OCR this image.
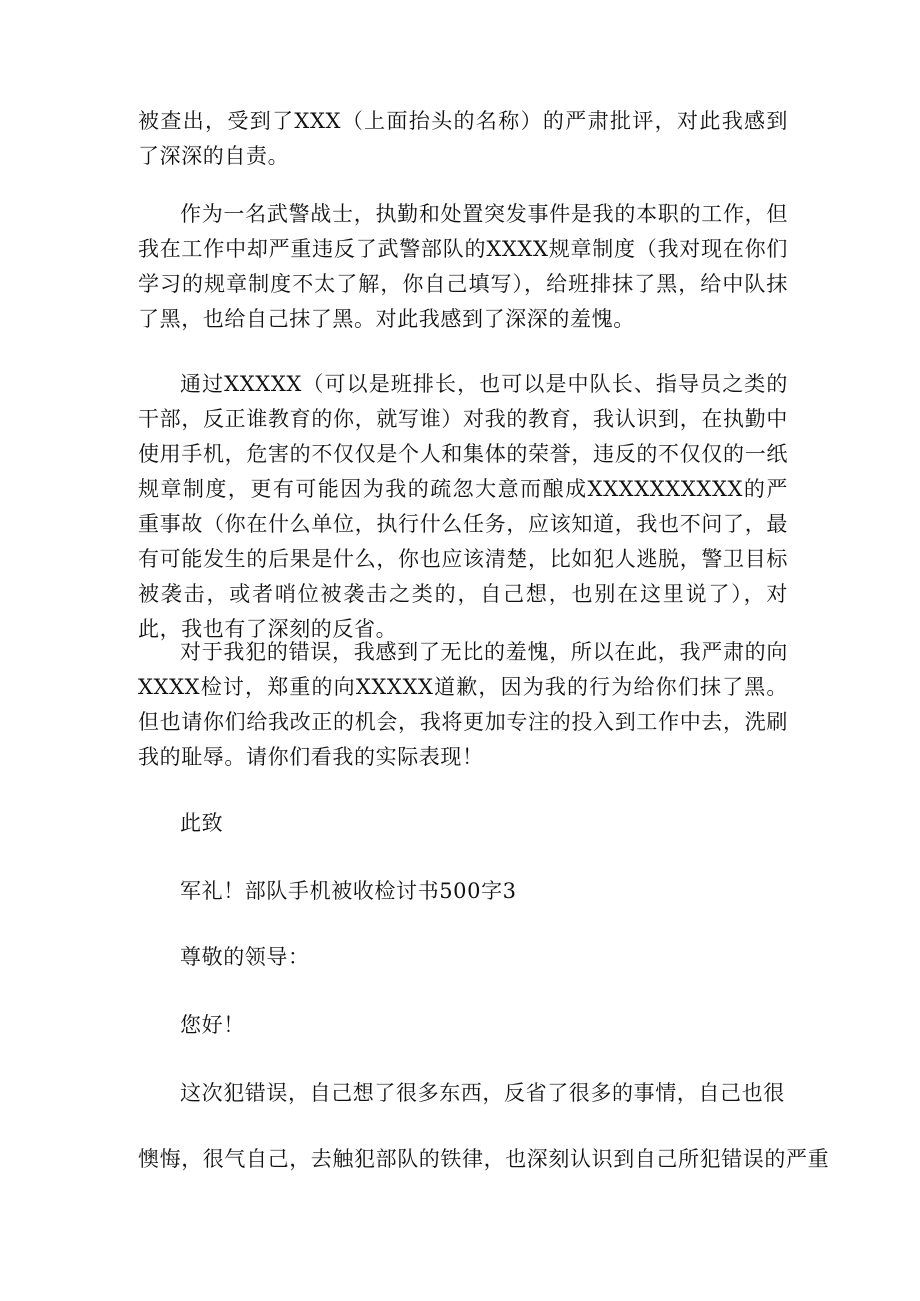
被查出，受到了XXX（上面抬头的名称）的严肃批评，对此我感到了深深的自责。

作为一名武警战士，执勤和处置突发事件是我的本职的工作，但我在工作中却严重违反了武警部队的XXXX规章制度（我对现在你们学习的规章制度不太了解，你自己填写），给班排抹了黑，给中队抹了黑，也给自己抹了黑。对此我感到了深深的羞愧。

通过XXXXX（可以是班排长，也可以是中队长、指导员之类的干部，反正谁教育的你，就写谁）对我的教育，我认识到，在执勤中使用手机，危害的不仅仅是个人和集体的荣誉，违反的不仅仅的一纸规章制度，更有可能因为我的疏忽大意而酿成XXXXXXXXXX的严重事故（你在什么单位，执行什么任务，应该知道，我也不问了，最有可能发生的后果是什么，你也应该清楚，比如犯人逃脱，警卫目标被袭击，或者哨位被袭击之类的，自己想，也别在这里说了），对此，我也有了深刻的反省。

对于我犯的错误，我感到了无比的羞愧，所以在此，我严肃的向XXXX检讨，郑重的向XXXXX道歉，因为我的行为给你们抹了黑。但也请你们给我改正的机会，我将更加专注的投入到工作中去，洗刷我的耻辱。请你们看我的实际表现！

此致

军礼！部队手机被收检讨书500字3

尊敬的领导：

您好！

这次犯错误，自己想了很多东西，反省了很多的事情，自己也很

懊悔，很气自己，去触犯部队的铁律，也深刻认识到自己所犯错误的严重
